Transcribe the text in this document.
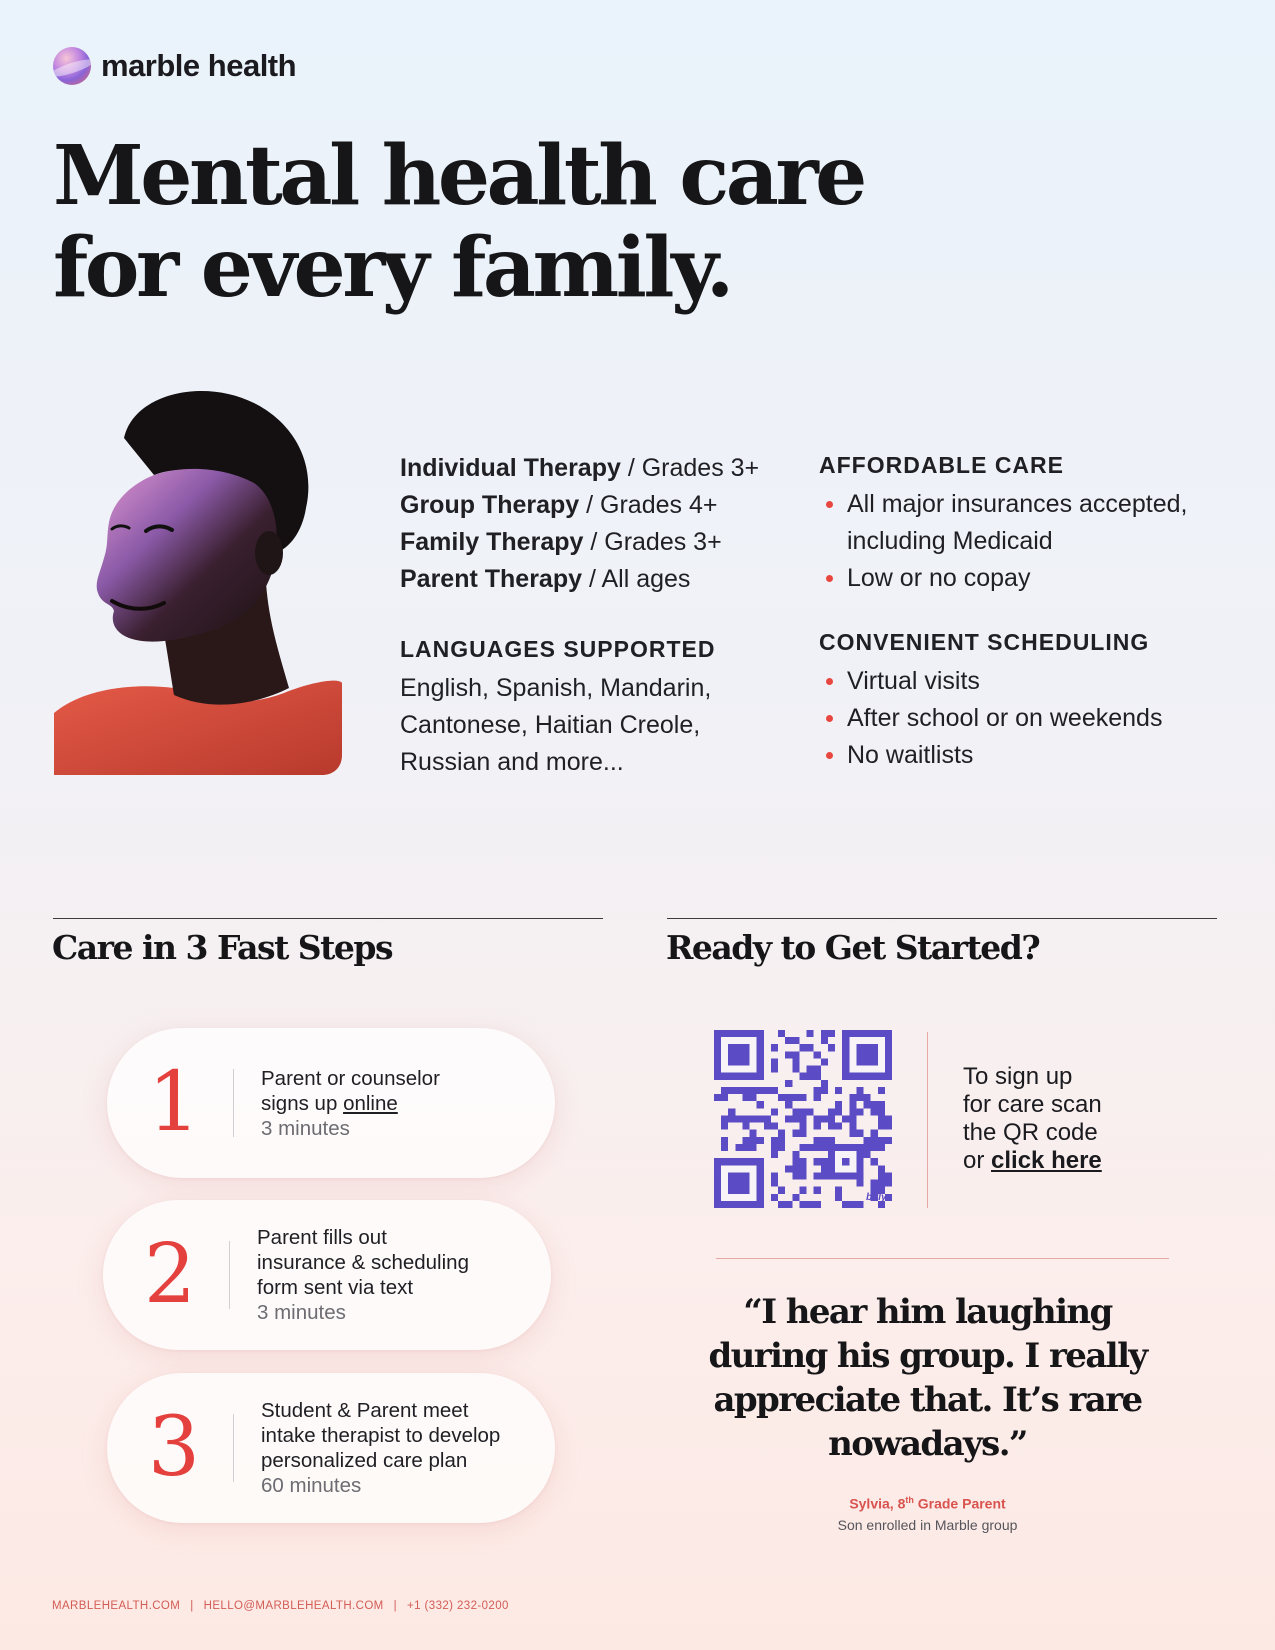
marble health
Mental health care
for every family.
Individual Therapy / Grades 3+
Group Therapy / Grades 4+
Family Therapy / Grades 3+
Parent Therapy / All ages
LANGUAGES SUPPORTED
English, Spanish, Mandarin,
Cantonese, Haitian Creole,
Russian and more...
AFFORDABLE CARE
All major insurances accepted, including Medicaid
Low or no copay
CONVENIENT SCHEDULING
Virtual visits
After school or on weekends
No waitlists
Care in 3 Fast Steps	Ready to Get Started?
1	Parent or counselor
signs up online
3 minutes
2	Parent fills out
insurance & scheduling
form sent via text
3 minutes
3	Student & Parent meet
intake therapist to develop
personalized care plan
60 minutes
bitly
To sign up
for care scan
the QR code
or click here
“I hear him laughing during his group. I really appreciate that. It’s rare nowadays.”
Sylvia, 8th Grade Parent
Son enrolled in Marble group
MARBLEHEALTH.COM | HELLO@MARBLEHEALTH.COM | +1 (332) 232-0200
